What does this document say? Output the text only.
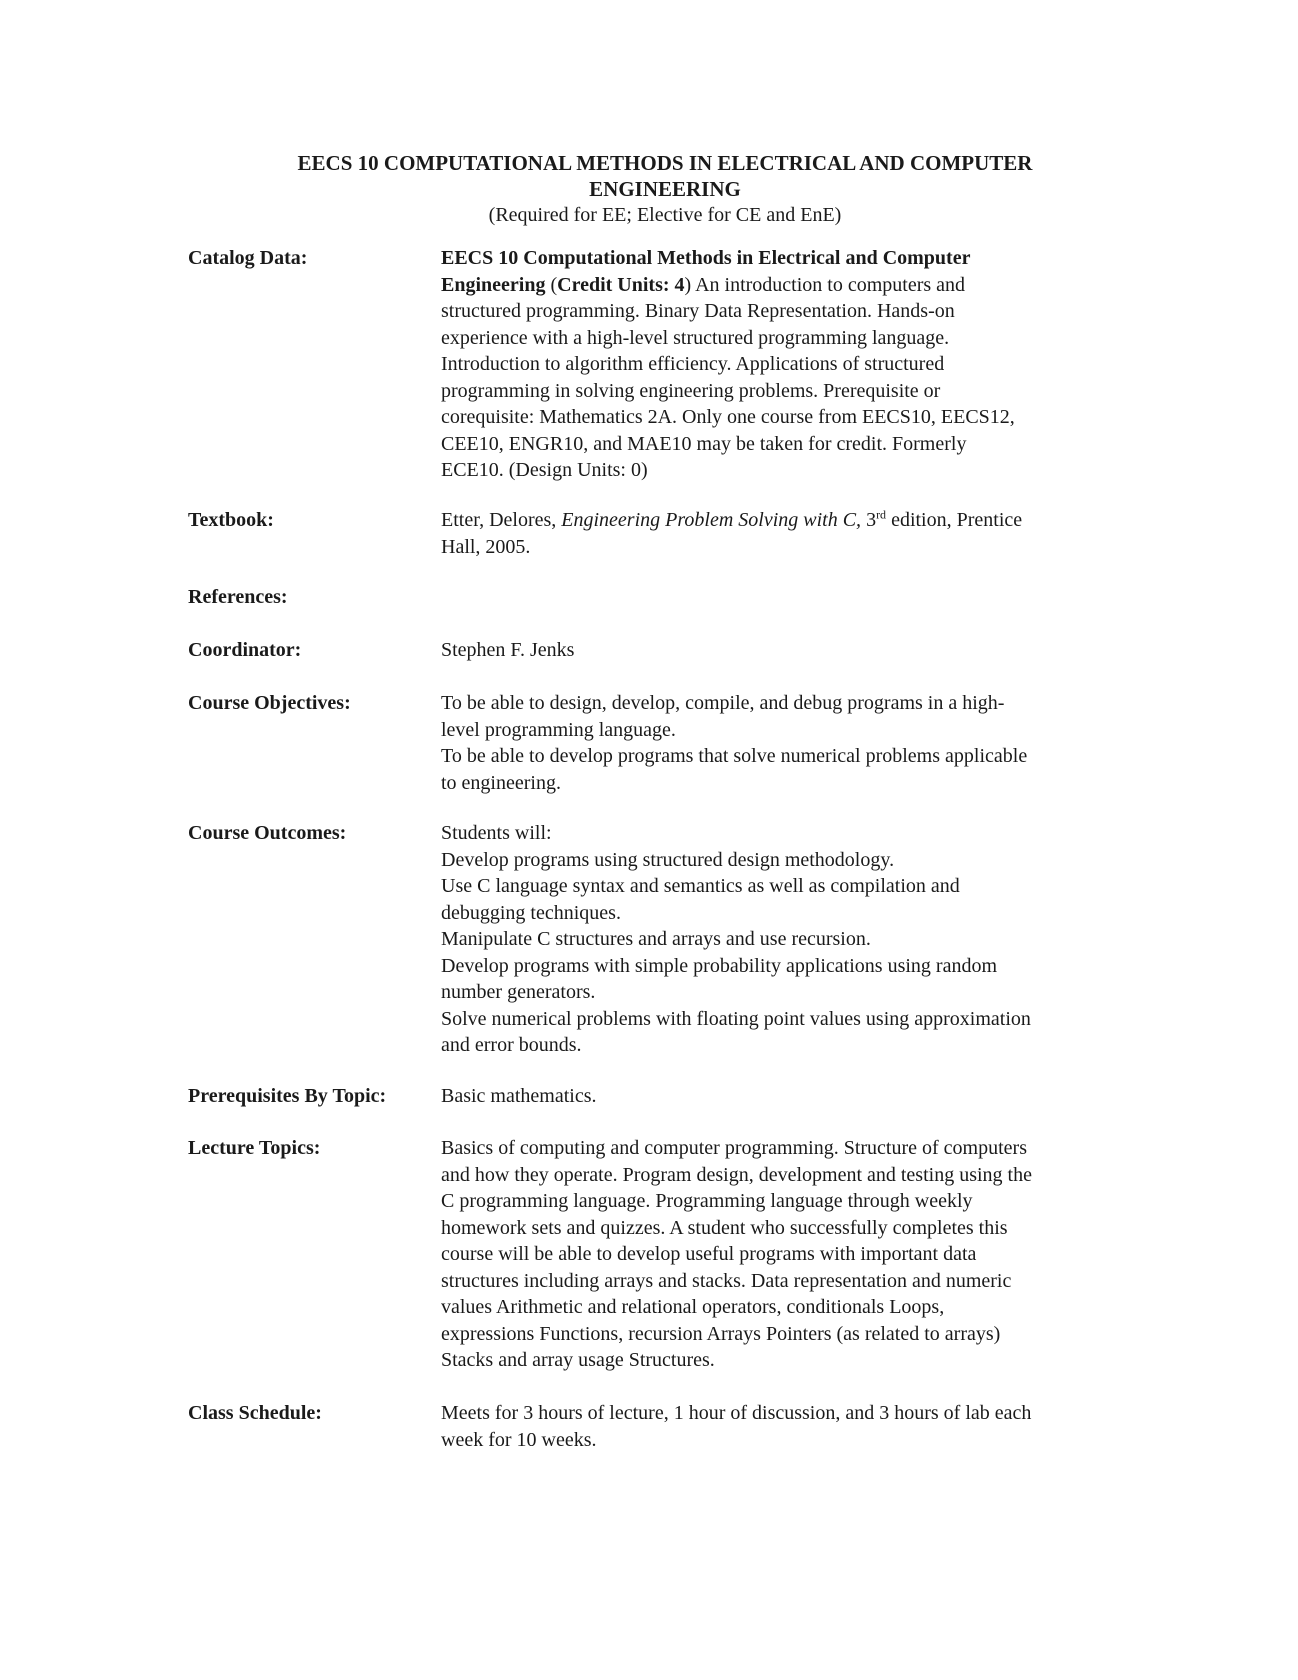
EECS 10 COMPUTATIONAL METHODS IN ELECTRICAL AND COMPUTER
ENGINEERING
(Required for EE; Elective for CE and EnE)
Catalog Data:	EECS 10 Computational Methods in Electrical and Computer
Engineering (Credit Units: 4) An introduction to computers and
structured programming. Binary Data Representation. Hands-on
experience with a high-level structured programming language.
Introduction to algorithm efficiency. Applications of structured
programming in solving engineering problems. Prerequisite or
corequisite: Mathematics 2A. Only one course from EECS10, EECS12,
CEE10, ENGR10, and MAE10 may be taken for credit. Formerly
ECE10. (Design Units: 0)
Textbook:	Etter, Delores, Engineering Problem Solving with C, 3rd edition, Prentice
Hall, 2005.
References:
Coordinator:	Stephen F. Jenks
Course Objectives:	To be able to design, develop, compile, and debug programs in a high-
level programming language.
To be able to develop programs that solve numerical problems applicable
to engineering.
Course Outcomes:	Students will:
Develop programs using structured design methodology.
Use C language syntax and semantics as well as compilation and
debugging techniques.
Manipulate C structures and arrays and use recursion.
Develop programs with simple probability applications using random
number generators.
Solve numerical problems with floating point values using approximation
and error bounds.
Prerequisites By Topic:	Basic mathematics.
Lecture Topics:	Basics of computing and computer programming. Structure of computers
and how they operate. Program design, development and testing using the
C programming language. Programming language through weekly
homework sets and quizzes. A student who successfully completes this
course will be able to develop useful programs with important data
structures including arrays and stacks. Data representation and numeric
values Arithmetic and relational operators, conditionals Loops,
expressions Functions, recursion Arrays Pointers (as related to arrays)
Stacks and array usage Structures.
Class Schedule:	Meets for 3 hours of lecture, 1 hour of discussion, and 3 hours of lab each
week for 10 weeks.
